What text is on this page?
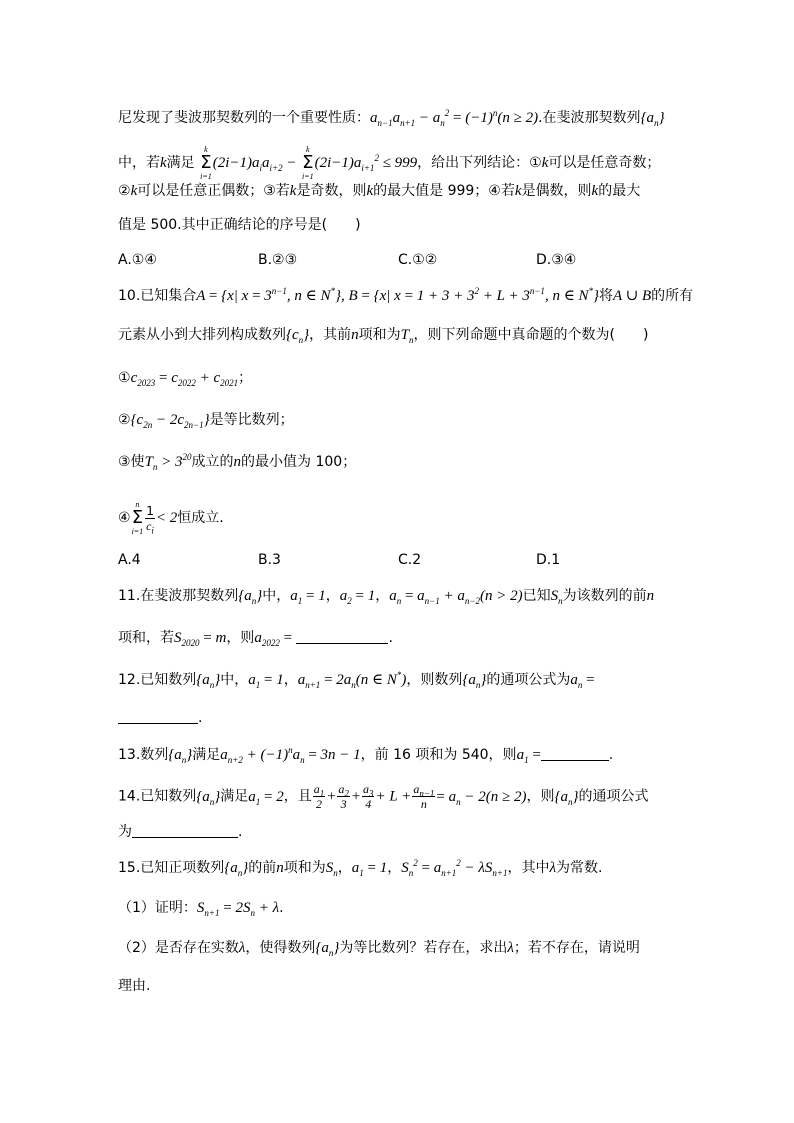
尼发现了斐波那契数列的一个重要性质：$a_{n-1}a_{n+1} - a_n^2 = (-1)^n(n \ge 2)$.在斐波那契数列$\{a_n\}$
中，若k满足
k
Σ
i=1
$(2i-1)a_ia_{i+2}$ −
k
Σ
i=1
$(2i-1)a_{i+1}^2 \le 999$，给出下列结论：①k可以是任意奇数；
②k可以是任意正偶数；③若k是奇数，则k的最大值是 999；④若k是偶数，则k的最大
值是 500.其中正确结论的序号是(　　)
A.①④	B.②③	C.①②	D.③④
10.已知集合A = {x| $x = 3^{n-1}$, n ∈ N*}, B = {x| $x = 1 + 3 + 3^2 + L + 3^{n-1}$, n ∈ N*}将A ∪ B的所有
元素从小到大排列构成数列$\{c_n\}$，其前n项和为$T_n$，则下列命题中真命题的个数为(　　)
$①c_{2023} = c_{2022} + c_{2021}$；
$②\{c_{2n} - 2c_{2n-1}\}$是等比数列；
③使$T_n > 3^{20}$成立的n的最小值为 100；
④
n
Σ
$i=1 \frac{1}{c_i} < 2$恒成立.
A.4	B.3	C.2	D.1
11.在斐波那契数列$\{a_n\}$中，$a_1 = 1$，$a_2 = 1$，$a_n = a_{n-1} + a_{n-2}(n > 2)$已知$S_n$为该数列的前n
项和，若$S_{2020} = m$，则$a_{2022}$ =	.
12.已知数列$\{a_n\}$中，$a_1 = 1$，$a_{n+1} = 2a_n(n$ ∈ N*)，则数列$\{a_n\}$的通项公式为$a_n$ =
.
13.数列$\{a_n\}$满足$a_{n+2} + (-1)^na_n = 3n - 1$，前 16 项和为 540，则$a_1$ =	.
14.已知数列$\{a_n\}$满足$a_1 = 2$，且 $\frac{a_1}{2} + \frac{a_2}{3} + \frac{a_3}{4} + L + \frac{a_{n-1}}{n} = a_n - 2(n \ge 2)$，则$\{a_n\}$的通项公式
为	.
15.已知正项数列$\{a_n\}$的前n项和为$S_n$，$a_1 = 1$，$S_n^2 = a_{n+1}^2 - \lambda S_{n+1}$，其中λ为常数.
（1）证明：$S_{n+1} = 2S_n + \lambda$.
（2）是否存在实数λ，使得数列$\{a_n\}$为等比数列？若存在，求出λ；若不存在，请说明
理由.
